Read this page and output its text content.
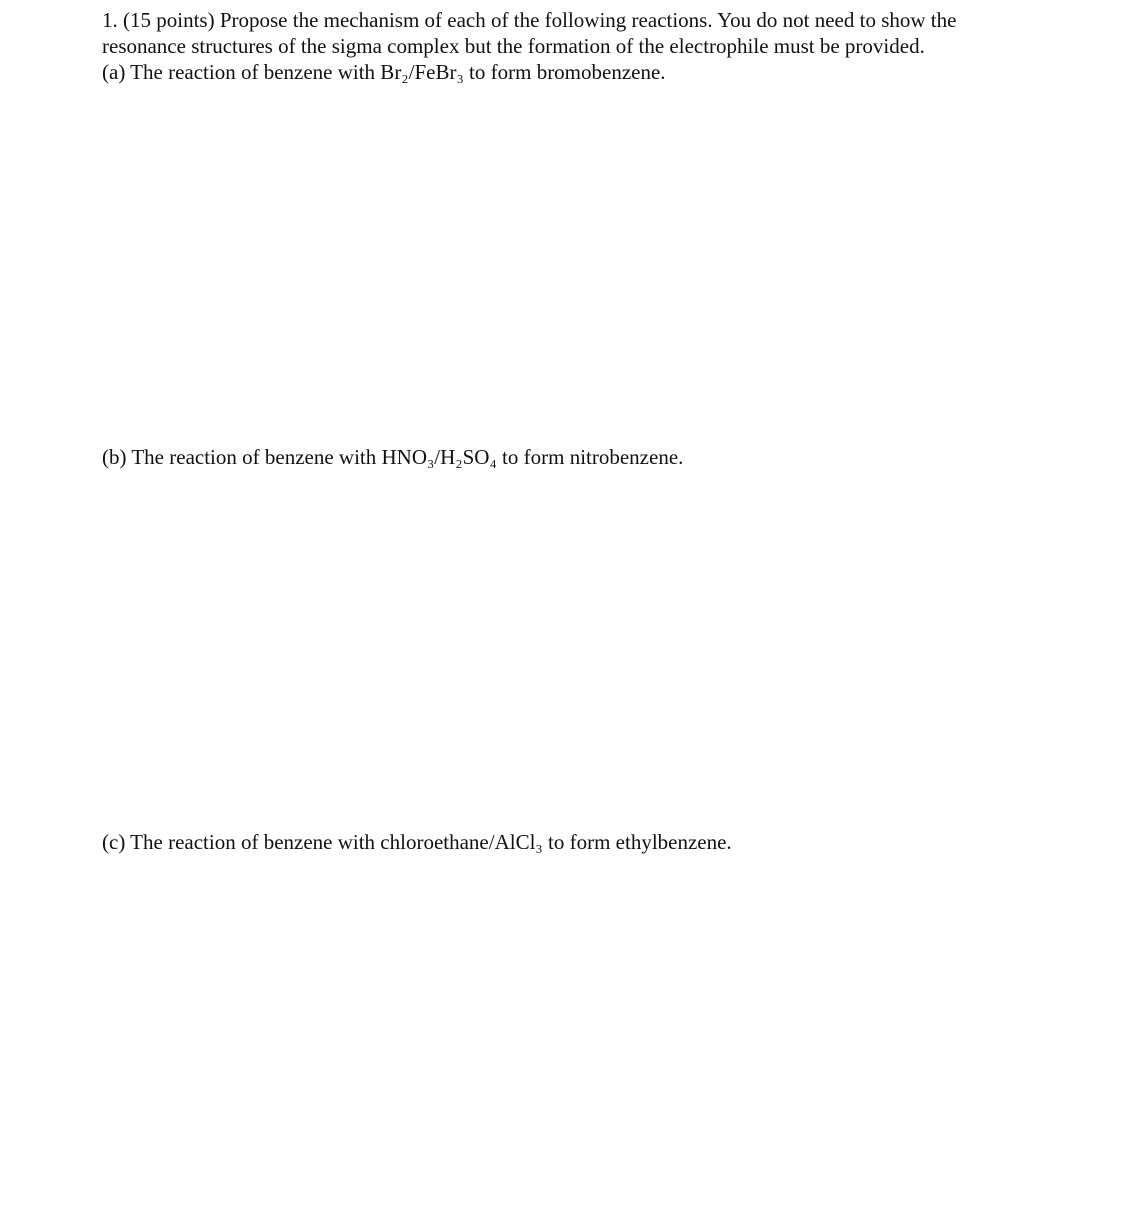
1. (15 points) Propose the mechanism of each of the following reactions. You do not need to show the
resonance structures of the sigma complex but the formation of the electrophile must be provided.
(a) The reaction of benzene with Br₂/FeBr₃ to form bromobenzene.
(b) The reaction of benzene with HNO₃/H₂SO₄ to form nitrobenzene.
(c) The reaction of benzene with chloroethane/AlCl₃ to form ethylbenzene.
